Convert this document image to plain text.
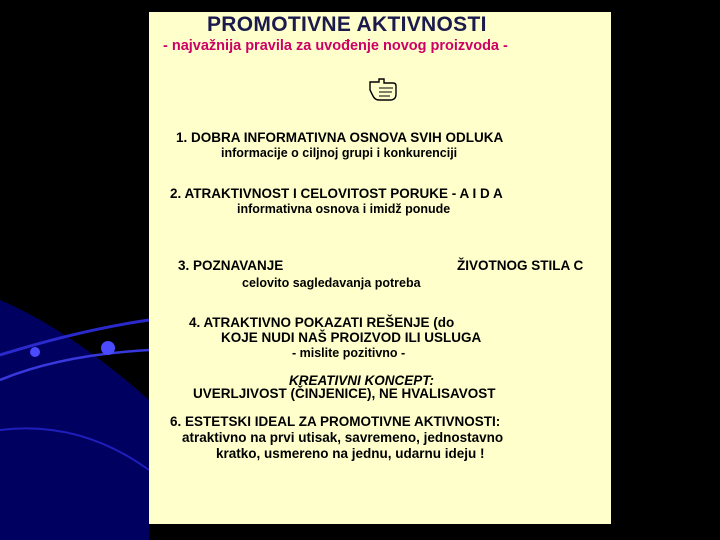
PROMOTIVNE AKTIVNOSTI
- najvažnija pravila za uvođenje novog proizvoda -
1. DOBRA INFORMATIVNA OSNOVA SVIH ODLUKA
informacije o ciljnoj grupi i konkurenciji
2. ATRAKTIVNOST I CELOVITOST PORUKE - A I D A
informativna osnova i imidž ponude
3. POZNAVANJE	ŽIVOTNOG STILA C
celovito sagledavanja potreba
4. ATRAKTIVNO POKAZATI REŠENJE (do
KOJE NUDI NAŠ PROIZVOD ILI USLUGA
- mislite pozitivno -
KREATIVNI KONCEPT:
UVERLJIVOST (ČINJENICE), NE HVALISAVOST
6. ESTETSKI IDEAL ZA PROMOTIVNE AKTIVNOSTI:
atraktivno na prvi utisak, savremeno, jednostavno
kratko, usmereno na jednu, udarnu ideju !
